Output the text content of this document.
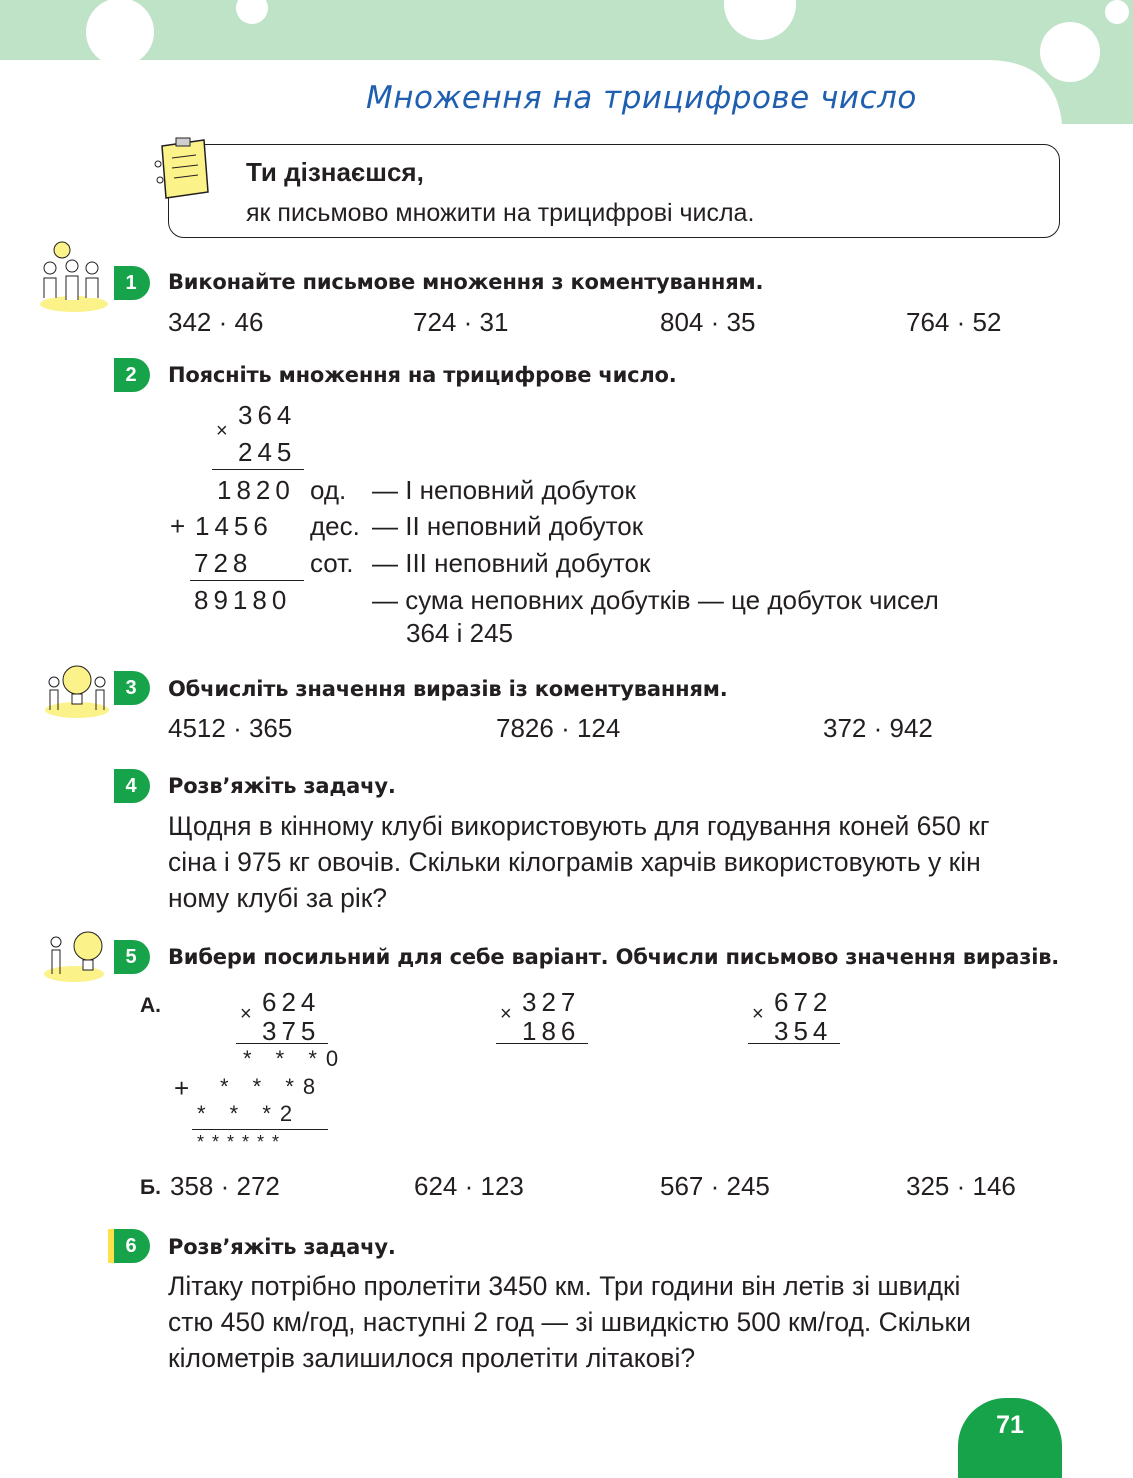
Множення на трицифрове число
Ти дізнаєшся,
як письмово множити на трицифрові числа.
1	Виконайте письмове множення з коментуванням.
342 · 46	724 · 31	804 · 35	764 · 52
2	Поясніть множення на трицифрове число.
×
364
245
1820 од. — І неповний добуток
+ 1456 дес. — ІІ неповний добуток
728 сот. — ІІІ неповний добуток
89180	— сума неповних добутків — це добуток чисел
364 і 245
3	Обчисліть значення виразів із коментуванням.
4512 · 365	7826 · 124	372 · 942
4	Розв’яжіть задачу.
Щодня в кінному клубі використовують для годування коней 650 кг
сіна і 975 кг овочів. Скільки кілограмів харчів використовують у кін
ному клубі за рік?
5	Вибери посильний для себе варіант. Обчисли письмово значення виразів.
А.	× 624
375
* * *0
+ * * *8
* * *2
******
× 327
186
× 672
354
Б. 358 · 272	624 · 123	567 · 245	325 · 146
6	Розв’яжіть задачу.
Літаку потрібно пролетіти 3450 км. Три години він летів зі швидкі
стю 450 км/год, наступні 2 год — зі швидкістю 500 км/год. Скільки
кілометрів залишилося пролетіти літакові?
71
